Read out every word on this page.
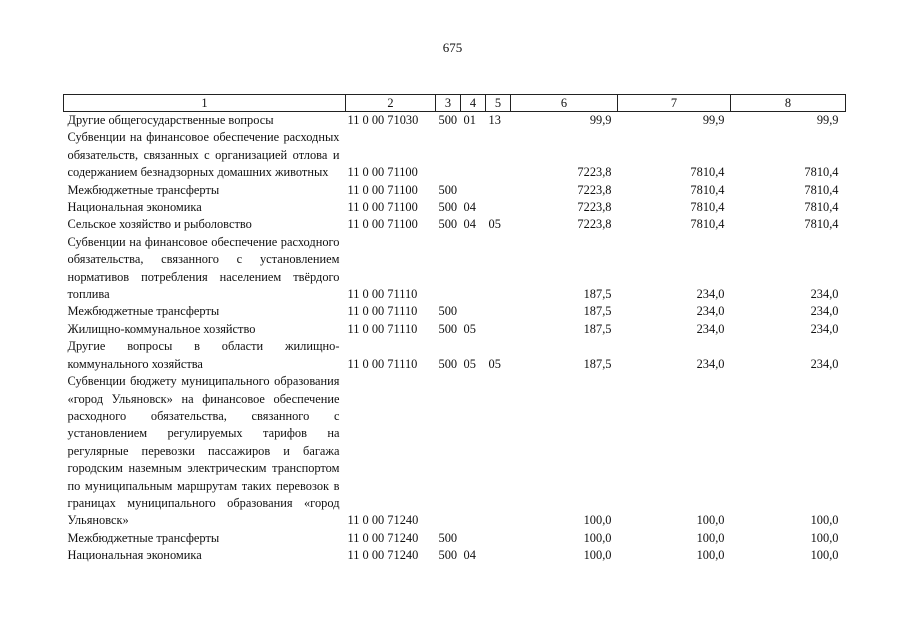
675
1	2	3	4	5	6	7	8
Другие общегосударственные вопросы	11 0 00 71030	500	01	13	99,9	99,9	99,9
Субвенции на финансовое обеспечение расходных обязательств, связанных с организацией отлова и содержанием безнадзорных домашних животных	11 0 00 71100				7223,8	7810,4	7810,4
Межбюджетные трансферты	11 0 00 71100	500			7223,8	7810,4	7810,4
Национальная экономика	11 0 00 71100	500	04		7223,8	7810,4	7810,4
Сельское хозяйство и рыболовство	11 0 00 71100	500	04	05	7223,8	7810,4	7810,4
Субвенции на финансовое обеспечение расходного обязательства, связанного с установлением нормативов потребления населением твёрдого топлива	11 0 00 71110				187,5	234,0	234,0
Межбюджетные трансферты	11 0 00 71110	500			187,5	234,0	234,0
Жилищно-коммунальное хозяйство	11 0 00 71110	500	05		187,5	234,0	234,0
Другие вопросы в области жилищно-коммунального хозяйства	11 0 00 71110	500	05	05	187,5	234,0	234,0
Субвенции бюджету муниципального образования «город Ульяновск» на финансовое обеспечение расходного обязательства, связанного с установлением регулируемых тарифов на регулярные перевозки пассажиров и багажа городским наземным электрическим транспортом по муниципальным маршрутам таких перевозок в границах муниципального образования «город Ульяновск»	11 0 00 71240				100,0	100,0	100,0
Межбюджетные трансферты	11 0 00 71240	500			100,0	100,0	100,0
Национальная экономика	11 0 00 71240	500	04		100,0	100,0	100,0
